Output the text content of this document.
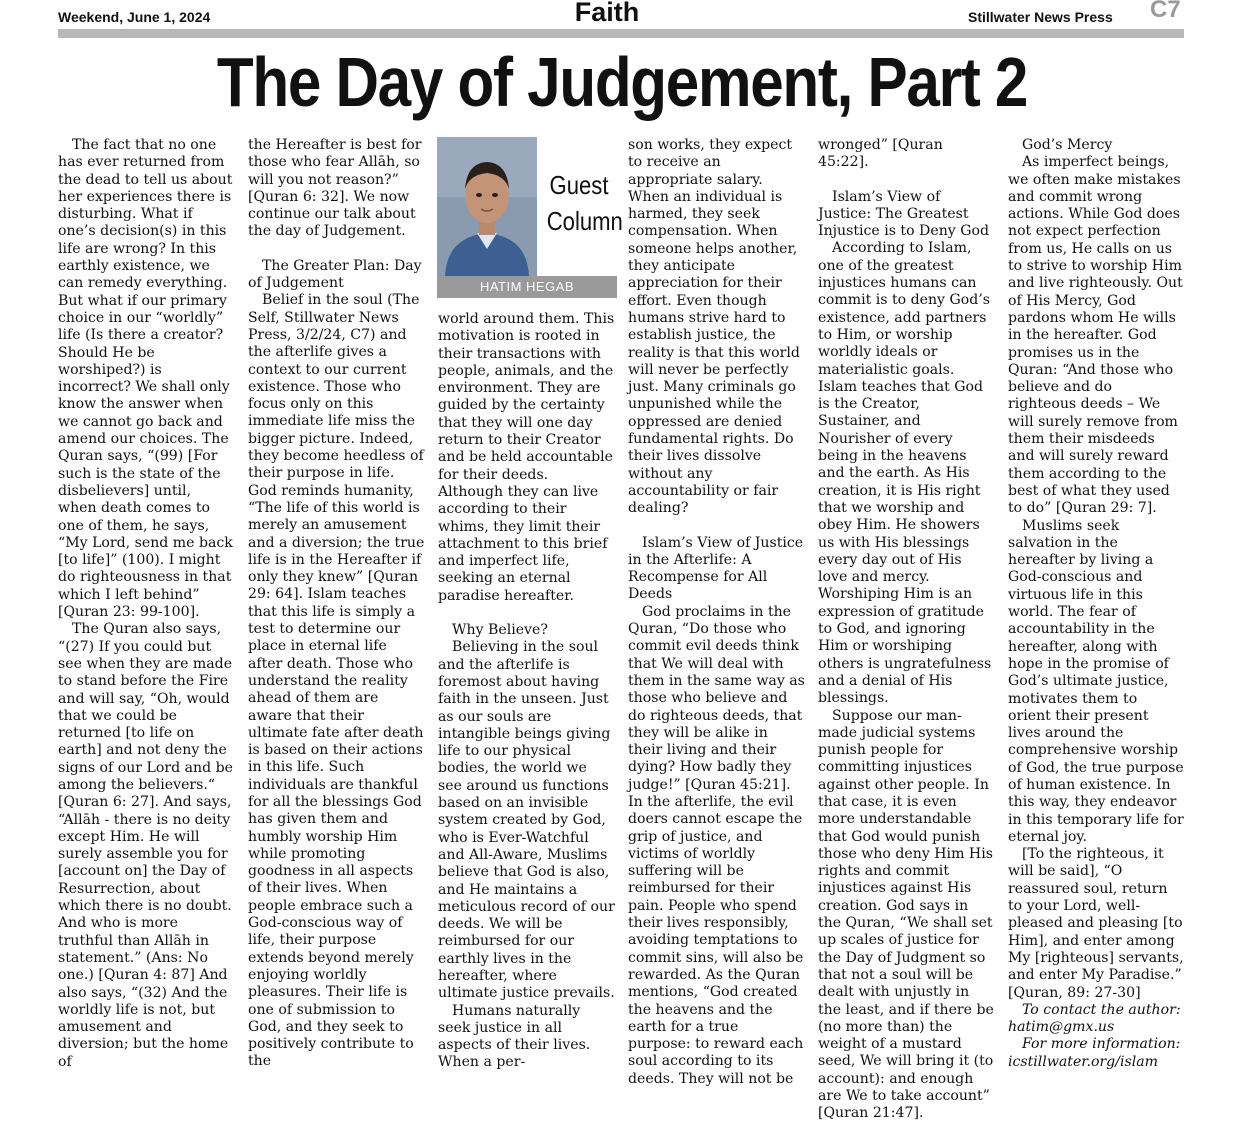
Weekend, June 1, 2024	Faith	Stillwater News Press C7
The Day of Judgement, Part 2

The fact that no one has ever returned from the dead to tell us about her experiences there is disturbing. What if one’s decision(s) in this life are wrong? In this earthly existence, we can remedy everything. But what if our primary choice in our “worldly” life (Is there a creator? Should He be worshiped?) is incorrect? We shall only know the answer when we cannot go back and amend our choices. The Quran says, “(99) [For such is the state of the disbelievers] until, when death comes to one of them, he says, “My Lord, send me back [to life]” (100). I might do righteousness in that which I left behind” [Quran 23: 99-100].

The Quran also says, “(27) If you could but see when they are made to stand before the Fire and will say, “Oh, would that we could be returned [to life on earth] and not deny the signs of our Lord and be among the believers.“ [Quran 6: 27]. And says, “Allāh - there is no deity except Him. He will surely assemble you for [account on] the Day of Resurrection, about which there is no doubt. And who is more truthful than Allāh in statement.” (Ans: No one.) [Quran 4: 87] And also says, “(32) And the worldly life is not, but amusement and diversion; but the home of

the Hereafter is best for those who fear Allāh, so will you not reason?” [Quran 6: 32]. We now continue our talk about the day of Judgement.

The Greater Plan: Day of Judgement

Belief in the soul (The Self, Stillwater News Press, 3/2/24, C7) and the afterlife gives a context to our current existence. Those who focus only on this immediate life miss the bigger picture. Indeed, they become heedless of their purpose in life. God reminds humanity, “The life of this world is merely an amusement and a diversion; the true life is in the Hereafter if only they knew” [Quran 29: 64]. Islam teaches that this life is simply a test to determine our place in eternal life after death. Those who understand the reality ahead of them are aware that their ultimate fate after death is based on their actions in this life. Such individuals are thankful for all the blessings God has given them and humbly worship Him while promoting goodness in all aspects of their lives. When people embrace such a God-conscious way of life, their purpose extends beyond merely enjoying worldly pleasures. Their life is one of submission to God, and they seek to positively contribute to the

Guest
Column
HATIM HEGAB

world around them. This motivation is rooted in their transactions with people, animals, and the environment. They are guided by the certainty that they will one day return to their Creator and be held accountable for their deeds. Although they can live according to their whims, they limit their attachment to this brief and imperfect life, seeking an eternal paradise hereafter.

Why Believe?

Believing in the soul and the afterlife is foremost about having faith in the unseen. Just as our souls are intangible beings giving life to our physical bodies, the world we see around us functions based on an invisible system created by God, who is Ever-Watchful and All-Aware, Muslims believe that God is also, and He maintains a meticulous record of our deeds. We will be reimbursed for our earthly lives in the hereafter, where ultimate justice prevails.

Humans naturally seek justice in all aspects of their lives. When a per-

son works, they expect to receive an appropriate salary. When an individual is harmed, they seek compensation. When someone helps another, they anticipate appreciation for their effort. Even though humans strive hard to establish justice, the reality is that this world will never be perfectly just. Many criminals go unpunished while the oppressed are denied fundamental rights. Do their lives dissolve without any accountability or fair dealing?

Islam’s View of Justice in the Afterlife: A Recompense for All Deeds

God proclaims in the Quran, “Do those who commit evil deeds think that We will deal with them in the same way as those who believe and do righteous deeds, that they will be alike in their living and their dying? How badly they judge!” [Quran 45:21]. In the afterlife, the evil doers cannot escape the grip of justice, and victims of worldly suffering will be reimbursed for their pain. People who spend their lives responsibly, avoiding temptations to commit sins, will also be rewarded. As the Quran mentions, “God created the heavens and the earth for a true purpose: to reward each soul according to its deeds. They will not be

wronged” [Quran 45:22].

Islam’s View of Justice: The Greatest Injustice is to Deny God

According to Islam, one of the greatest injustices humans can commit is to deny God’s existence, add partners to Him, or worship worldly ideals or materialistic goals. Islam teaches that God is the Creator, Sustainer, and Nourisher of every being in the heavens and the earth. As His creation, it is His right that we worship and obey Him. He showers us with His blessings every day out of His love and mercy. Worshiping Him is an expression of gratitude to God, and ignoring Him or worshiping others is ungratefulness and a denial of His blessings.

Suppose our man-made judicial systems punish people for committing injustices against other people. In that case, it is even more understandable that God would punish those who deny Him His rights and commit injustices against His creation. God says in the Quran, “We shall set up scales of justice for the Day of Judgment so that not a soul will be dealt with unjustly in the least, and if there be (no more than) the weight of a mustard seed, We will bring it (to account): and enough are We to take account” [Quran 21:47].

God’s Mercy

As imperfect beings, we often make mistakes and commit wrong actions. While God does not expect perfection from us, He calls on us to strive to worship Him and live righteously. Out of His Mercy, God pardons whom He wills in the hereafter. God promises us in the Quran: “And those who believe and do righteous deeds – We will surely remove from them their misdeeds and will surely reward them according to the best of what they used to do” [Quran 29: 7].

Muslims seek salvation in the hereafter by living a God-conscious and virtuous life in this world. The fear of accountability in the hereafter, along with hope in the promise of God’s ultimate justice, motivates them to orient their present lives around the comprehensive worship of God, the true purpose of human existence. In this way, they endeavor in this temporary life for eternal joy.

[To the righteous, it will be said], “O reassured soul, return to your Lord, well-pleased and pleasing [to Him], and enter among My [righteous] servants, and enter My Paradise.” [Quran, 89: 27-30]

To contact the author: hatim@gmx.us

For more information: icstillwater.org/islam
